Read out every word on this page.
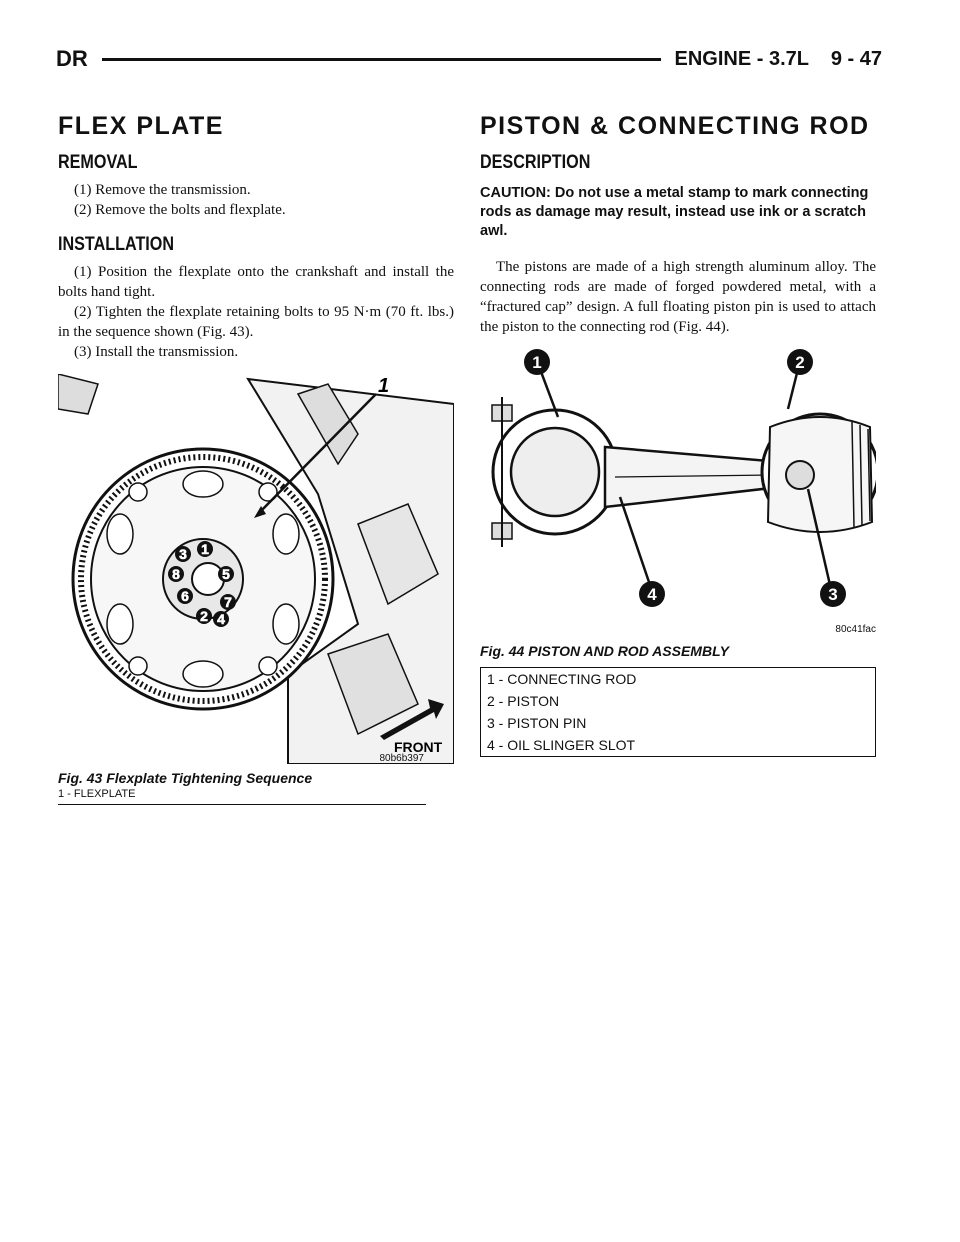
DR	ENGINE - 3.7L    9 - 47
FLEX PLATE
REMOVAL

(1) Remove the transmission.

(2) Remove the bolts and flexplate.

INSTALLATION

(1) Position the flexplate onto the crankshaft and install the bolts hand tight.

(2) Tighten the flexplate retaining bolts to 95 N·m (70 ft. lbs.) in the sequence shown (Fig. 43).

(3) Install the transmission.

3 1
8	5
6	7
2 4
1
FRONT
80b6b397
Fig. 43 Flexplate Tightening Sequence
1 - FLEXPLATE
PISTON & CONNECTING ROD
DESCRIPTION
CAUTION: Do not use a metal stamp to mark connecting rods as damage may result, instead use ink or a scratch awl.

The pistons are made of a high strength aluminum alloy. The connecting rods are made of forged powdered metal, with a “fractured cap” design. A full floating piston pin is used to attach the piston to the connecting rod (Fig. 44).

1	2
3
4
80c41fac
Fig. 44 PISTON AND ROD ASSEMBLY
1 - CONNECTING ROD
2 - PISTON
3 - PISTON PIN
4 - OIL SLINGER SLOT
